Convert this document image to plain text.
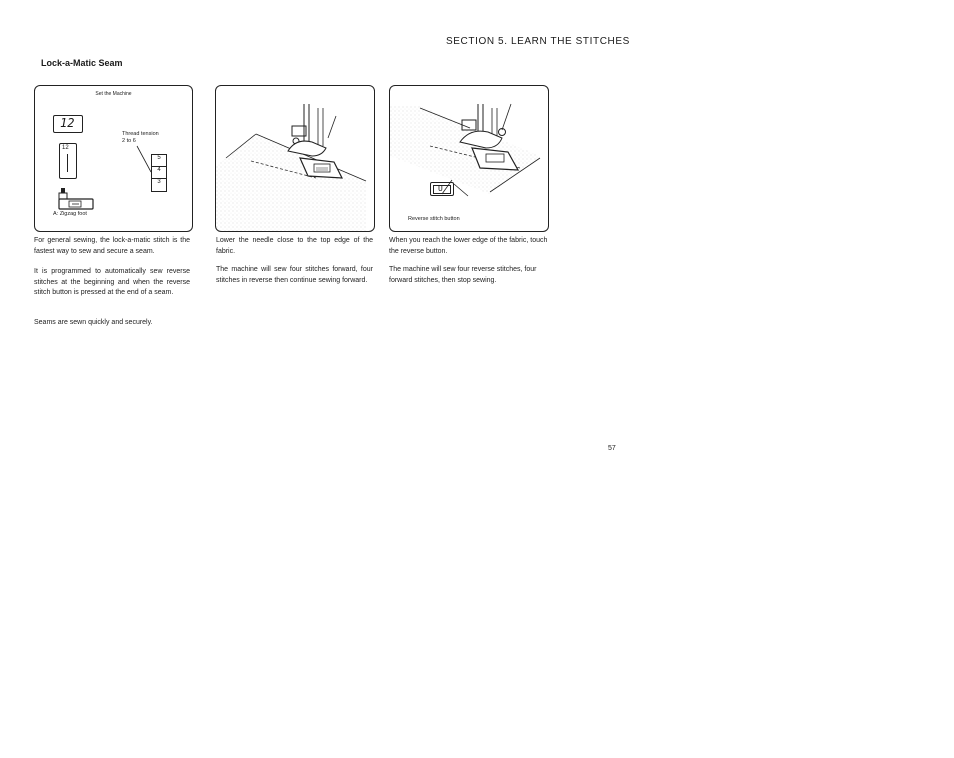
SECTION 5. LEARN THE STITCHES
Lock-a-Matic Seam
Set the Machine
12
12
Thread tension
2 to 6
5
4
3
A: Zigzag foot
U
Reverse stitch button
For general sewing, the lock-a-matic stitch is the fastest way to sew and secure a seam.
It is programmed to automatically sew reverse stitches at the beginning and when the reverse stitch button is pressed at the end of a seam.
Seams are sewn quickly and securely.
Lower the needle close to the top edge of the fabric.
The machine will sew four stitches forward, four stitches in reverse then continue sewing forward.
When you reach the lower edge of the fabric, touch the reverse button.
The machine will sew four reverse stitches, four forward stitches, then stop sewing.
57
